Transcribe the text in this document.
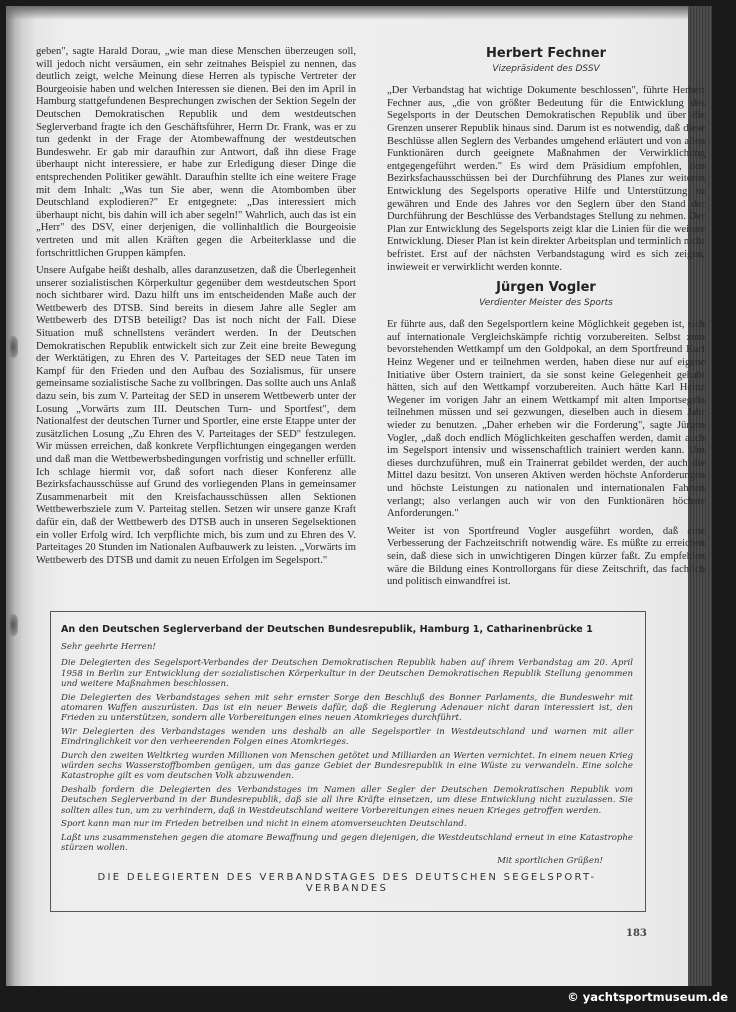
geben", sagte Harald Dorau, „wie man diese Menschen überzeugen soll, will jedoch nicht versäumen, ein sehr zeitnahes Beispiel zu nennen, das deutlich zeigt, welche Meinung diese Herren als typische Vertreter der Bourgeoisie haben und welchen Interessen sie dienen. Bei den im April in Hamburg stattgefundenen Besprechungen zwischen der Sektion Segeln der Deutschen Demokratischen Republik und dem westdeutschen Seglerverband fragte ich den Geschäftsführer, Herrn Dr. Frank, was er zu tun gedenkt in der Frage der Atombewaffnung der westdeutschen Bundeswehr. Er gab mir daraufhin zur Antwort, daß ihn diese Frage überhaupt nicht interessiere, er habe zur Erledigung dieser Dinge die entsprechenden Politiker gewählt. Daraufhin stellte ich eine weitere Frage mit dem Inhalt: „Was tun Sie aber, wenn die Atombomben über Deutschland explodieren?" Er entgegnete: „Das interessiert mich überhaupt nicht, bis dahin will ich aber segeln!" Wahrlich, auch das ist ein „Herr" des DSV, einer derjenigen, die vollinhaltlich die Bourgeoisie vertreten und mit allen Kräften gegen die Arbeiterklasse und die fortschrittlichen Gruppen kämpfen.

Unsere Aufgabe heißt deshalb, alles daranzusetzen, daß die Überlegenheit unserer sozialistischen Körperkultur gegenüber dem westdeutschen Sport noch sichtbarer wird. Dazu hilft uns im entscheidenden Maße auch der Wettbewerb des DTSB. Sind bereits in diesem Jahre alle Segler am Wettbewerb des DTSB beteiligt? Das ist noch nicht der Fall. Diese Situation muß schnellstens verändert werden. In der Deutschen Demokratischen Republik entwickelt sich zur Zeit eine breite Bewegung der Werktätigen, zu Ehren des V. Parteitages der SED neue Taten im Kampf für den Frieden und den Aufbau des Sozialismus, für unsere gemeinsame sozialistische Sache zu vollbringen. Das sollte auch uns Anlaß dazu sein, bis zum V. Parteitag der SED in unserem Wettbewerb unter der Losung „Vorwärts zum III. Deutschen Turn- und Sportfest", dem Nationalfest der deutschen Turner und Sportler, eine erste Etappe unter der zusätzlichen Losung „Zu Ehren des V. Parteitages der SED" festzulegen. Wir müssen erreichen, daß konkrete Verpflichtungen eingegangen werden und daß man die Wettbewerbsbedingungen vorfristig und schneller erfüllt. Ich schlage hiermit vor, daß sofort nach dieser Konferenz alle Bezirksfachausschüsse auf Grund des vorliegenden Plans in gemeinsamer Zusammenarbeit mit den Kreisfachausschüssen allen Sektionen Wettbewerbsziele zum V. Parteitag stellen. Setzen wir unsere ganze Kraft dafür ein, daß der Wettbewerb des DTSB auch in unseren Segelsektionen ein voller Erfolg wird. Ich verpflichte mich, bis zum und zu Ehren des V. Parteitages 20 Stunden im Nationalen Aufbauwerk zu leisten. „Vorwärts im Wettbewerb des DTSB und damit zu neuen Erfolgen im Segelsport."

Herbert Fechner
Vizepräsident des DSSV

„Der Verbandstag hat wichtige Dokumente beschlossen", führte Herbert Fechner aus, „die von größter Bedeutung für die Entwicklung des Segelsports in der Deutschen Demokratischen Republik und über die Grenzen unserer Republik hinaus sind. Darum ist es notwendig, daß diese Beschlüsse allen Seglern des Verbandes umgehend erläutert und von allen Funktionären durch geeignete Maßnahmen der Verwirklichung entgegengeführt werden." Es wird dem Präsidium empfohlen, den Bezirksfachausschüssen bei der Durchführung des Planes zur weiteren Entwicklung des Segelsports operative Hilfe und Unterstützung zu gewähren und Ende des Jahres vor den Seglern über den Stand der Durchführung der Beschlüsse des Verbandstages Stellung zu nehmen. Der Plan zur Entwicklung des Segelsports zeigt klar die Linien für die weitere Entwicklung. Dieser Plan ist kein direkter Arbeitsplan und terminlich nicht befristet. Erst auf der nächsten Verbandstagung wird es sich zeigen, inwieweit er verwirklicht werden konnte.

Jürgen Vogler
Verdienter Meister des Sports

Er führte aus, daß den Segelsportlern keine Möglichkeit gegeben ist, sich auf internationale Vergleichskämpfe richtig vorzubereiten. Selbst zum bevorstehenden Wettkampf um den Goldpokal, an dem Sportfreund Karl Heinz Wegener und er teilnehmen werden, haben diese nur auf eigene Initiative über Ostern trainiert, da sie sonst keine Gelegenheit gehabt hätten, sich auf den Wettkampf vorzubereiten. Auch hätte Karl Heinz Wegener im vorigen Jahr an einem Wettkampf mit alten Importsegeln teilnehmen müssen und sei gezwungen, dieselben auch in diesem Jahr wieder zu benutzen. „Daher erheben wir die Forderung", sagte Jürgen Vogler, „daß doch endlich Möglichkeiten geschaffen werden, damit auch im Segelsport intensiv und wissenschaftlich trainiert werden kann. Um dieses durchzuführen, muß ein Trainerrat gebildet werden, der auch die Mittel dazu besitzt. Von unseren Aktiven werden höchste Anforderungen und höchste Leistungen zu nationalen und internationalen Fahrten verlangt; also verlangen auch wir von den Funktionären höchste Anforderungen."

Weiter ist von Sportfreund Vogler ausgeführt worden, daß eine Verbesserung der Fachzeitschrift notwendig wäre. Es müßte zu erreichen sein, daß diese sich in unwichtigeren Dingen kürzer faßt. Zu empfehlen wäre die Bildung eines Kontrollorgans für diese Zeitschrift, das fachlich und politisch einwandfrei ist.

An den Deutschen Seglerverband der Deutschen Bundesrepublik, Hamburg 1, Catharinenbrücke 1
Sehr geehrte Herren!
Die Delegierten des Segelsport-Verbandes der Deutschen Demokratischen Republik haben auf ihrem Verbandstag am 20. April 1958 in Berlin zur Entwicklung der sozialistischen Körperkultur in der Deutschen Demokratischen Republik Stellung genommen und weitere Maßnahmen beschlossen.
Die Delegierten des Verbandstages sehen mit sehr ernster Sorge den Beschluß des Bonner Parlaments, die Bundeswehr mit atomaren Waffen auszurüsten. Das ist ein neuer Beweis dafür, daß die Regierung Adenauer nicht daran interessiert ist, den Frieden zu unterstützen, sondern alle Vorbereitungen eines neuen Atomkrieges durchführt.
Wir Delegierten des Verbandstages wenden uns deshalb an alle Segelsportler in Westdeutschland und warnen mit aller Eindringlichkeit vor den verheerenden Folgen eines Atomkrieges.
Durch den zweiten Weltkrieg wurden Millionen von Menschen getötet und Milliarden an Werten vernichtet. In einem neuen Krieg würden sechs Wasserstoffbomben genügen, um das ganze Gebiet der Bundesrepublik in eine Wüste zu verwandeln. Eine solche Katastrophe gilt es vom deutschen Volk abzuwenden.
Deshalb fordern die Delegierten des Verbandstages im Namen aller Segler der Deutschen Demokratischen Republik vom Deutschen Seglerverband in der Bundesrepublik, daß sie all ihre Kräfte einsetzen, um diese Entwicklung nicht zuzulassen. Sie sollten alles tun, um zu verhindern, daß in Westdeutschland weitere Vorbereitungen eines neuen Krieges getroffen werden.
Sport kann man nur im Frieden betreiben und nicht in einem atomverseuchten Deutschland.
Laßt uns zusammenstehen gegen die atomare Bewaffnung und gegen diejenigen, die Westdeutschland erneut in eine Katastrophe stürzen wollen.
Mit sportlichen Grüßen!
DIE DELEGIERTEN DES VERBANDSTAGES DES DEUTSCHEN SEGELSPORT-VERBANDES
183
© yachtsportmuseum.de
